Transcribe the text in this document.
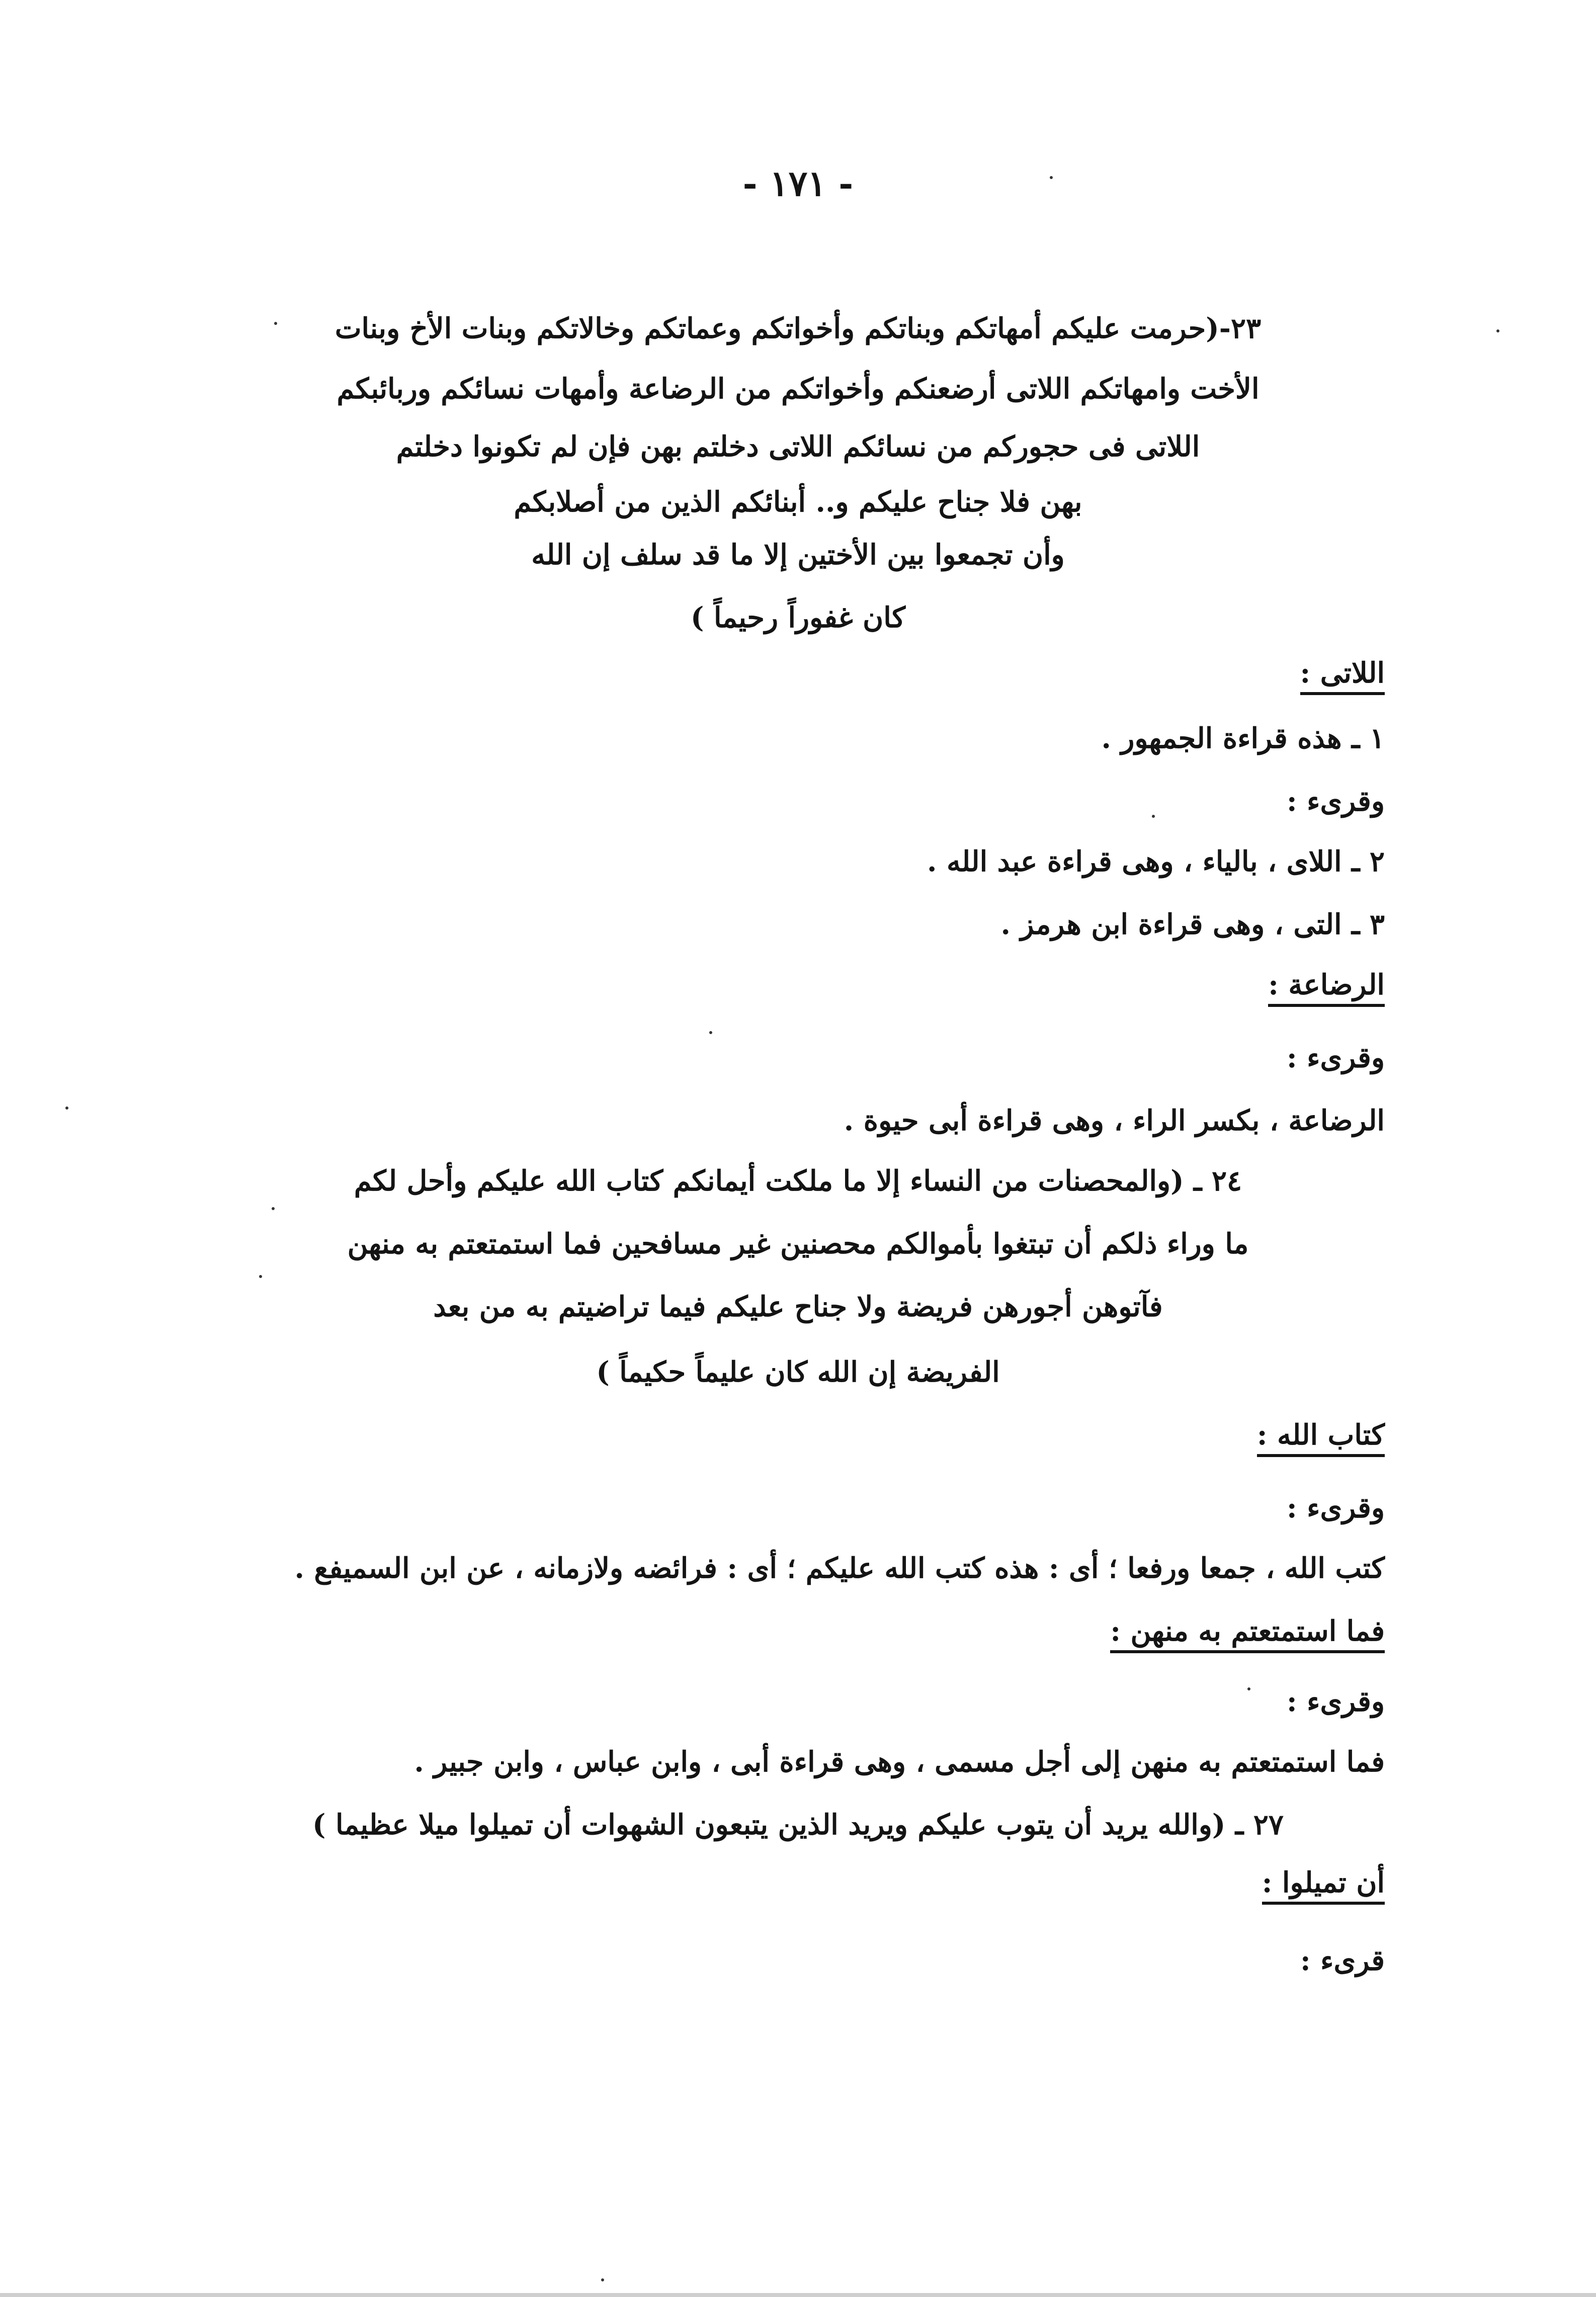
- ١٧١ -
٢٣-(حرمت عليكم أمهاتكم وبناتكم وأخواتكم وعماتكم وخالاتكم وبنات الأخ وبنات
الأخت وامهاتكم اللاتى أرضعنكم وأخواتكم من الرضاعة وأمهات نسائكم وربائبكم
اللاتى فى حجوركم من نسائكم اللاتى دخلتم بهن فإن لم تكونوا دخلتم
بهن فلا جناح عليكم و.. أبنائكم الذين من أصلابكم
وأن تجمعوا بين الأختين إلا ما قد سلف إن الله
كان غفوراً رحيماً )
اللاتى :
١ ـ هذه قراءة الجمهور .
وقرىء :
٢ ـ اللاى ، بالياء ، وهى قراءة عبد الله .
٣ ـ التى ، وهى قراءة ابن هرمز .
الرضاعة :
وقرىء :
الرضاعة ، بكسر الراء ، وهى قراءة أبى حيوة .
٢٤ ـ (والمحصنات من النساء إلا ما ملكت أيمانكم كتاب الله عليكم وأحل لكم
ما وراء ذلكم أن تبتغوا بأموالكم محصنين غير مسافحين فما استمتعتم به منهن
فآتوهن أجورهن فريضة ولا جناح عليكم فيما تراضيتم به من بعد
الفريضة إن الله كان عليماً حكيماً )
كتاب الله :
وقرىء :
كتب الله ، جمعا ورفعا ؛ أى : هذه كتب الله عليكم ؛ أى : فرائضه ولازمانه ، عن ابن السميفع .
فما استمتعتم به منهن :
وقرىء :
فما استمتعتم به منهن إلى أجل مسمى ، وهى قراءة أبى ، وابن عباس ، وابن جبير .
٢٧ ـ (والله يريد أن يتوب عليكم ويريد الذين يتبعون الشهوات أن تميلوا ميلا عظيما )
أن تميلوا :
قرىء :
